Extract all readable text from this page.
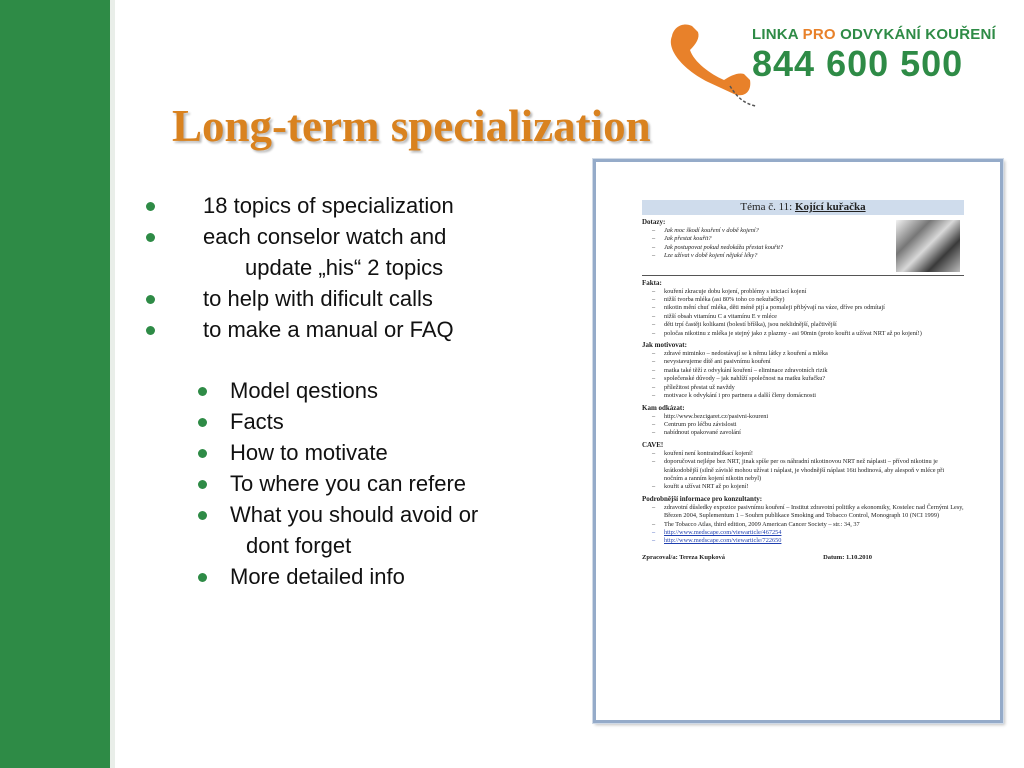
LINKA PRO ODVYKÁNÍ KOUŘENÍ
844 600 500
Long-term specialization
18 topics of specialization
each conselor watch and
update „his“ 2 topics
to help with dificult calls
to make a manual or FAQ
Model qestions
Facts
How to motivate
To where you can refere
What you should avoid or
dont forget
More detailed info
Téma č. 11: Kojící kuřačka
Dotazy:
– Jak moc škodí kouření v době kojení?
– Jak přestat kouřit?
– Jak postupovat pokud nedokážu přestat kouřit?
– Lze užívat v době kojení nějaké léky?
Fakta:
– kouření zkracuje dobu kojení, problémy s iniciací kojení
– nižší tvorba mléka (asi 80% toho co nekuřačky)
– nikotin mění chuť mléka, děti méně pijí a pomaleji přibývají na váze, dříve prs odmítají
– nižší obsah vitamínu C a vitamínu E v mléce
– děti trpí častěji kolikami (bolestí bříška), jsou neklidnější, plačtivější
– poločas nikotinu z mléka je stejný jako z plazmy - asi 90min (proto kouřit a užívat NRT až po kojení!)
Jak motivovat:
– zdravé miminko – nedostávají se k němu látky z kouření a mléka
– nevystavujeme dítě ani pasivnímu kouření
– matka také těží z odvykání kouření – eliminace zdravotních rizik
– společenské důvody – jak nahlíží společnost na matku kuřačku?
– příležitost přestat už navždy
– motivace k odvykání i pro partnera a další členy domácnosti
Kam odkázat:
– http://www.bezcigaret.cz/pasivni-koureni
– Centrum pro léčbu závislosti
– nabídnout opakované zavolání
CAVE!
– kouření není kontraindikací kojení!
– doporučovat nejlépe bez NRT, jinak spíše per os náhradní nikotinovou NRT než náplasti – přívod nikotinu je krátkodobější (silně závislé mohou užívat i náplast, je vhodnější náplast 16ti hodinová, aby alespoň v mléce při nočním a ranním kojení nikotin nebyl)
– kouřit a užívat NRT až po kojení!
Podrobnější informace pro konzultanty:
– zdravotní důsledky expozice pasivnímu kouření – Institut zdravotní politiky a ekonomiky, Kostelec nad Černými Lesy, Březen 2004, Suplementum 1 – Souhrn publikace Smoking and Tobacco Control, Monograph 10 (NCI 1999)
– The Tobacco Atlas, third edition, 2009 American Cancer Society – str.: 34, 37
– http://www.medscape.com/viewarticle/467254
– http://www.medscape.com/viewarticle/722650
Zpracoval/a: Tereza Kupková	Datum: 1.10.2010
